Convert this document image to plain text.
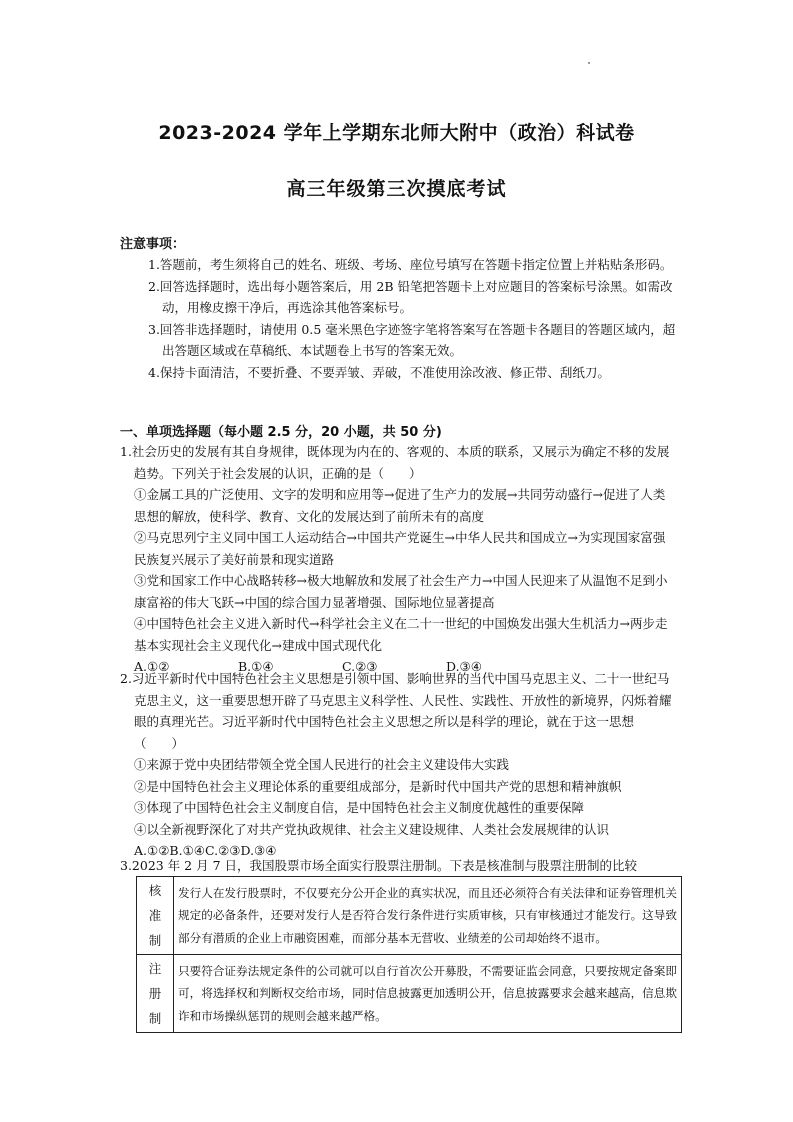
2023-2024 学年上学期东北师大附中（政治）科试卷
高三年级第三次摸底考试
注意事项：

1.答题前，考生须将自己的姓名、班级、考场、座位号填写在答题卡指定位置上并粘贴条形码。

2.回答选择题时，选出每小题答案后，用 2B 铅笔把答题卡上对应题目的答案标号涂黑。如需改动，用橡皮擦干净后，再选涂其他答案标号。

3.回答非选择题时，请使用 0.5 毫米黑色字迹签字笔将答案写在答题卡各题目的答题区域内，超出答题区域或在草稿纸、本试题卷上书写的答案无效。

4.保持卡面清洁，不要折叠、不要弄皱、弄破，不准使用涂改液、修正带、刮纸刀。

一、单项选择题（每小题 2.5 分，20 小题，共 50 分)

1.社会历史的发展有其自身规律，既体现为内在的、客观的、本质的联系，又展示为确定不移的发展趋势。下列关于社会发展的认识，正确的是（　　）

①金属工具的广泛使用、文字的发明和应用等→促进了生产力的发展→共同劳动盛行→促进了人类思想的解放，使科学、教育、文化的发展达到了前所未有的高度

②马克思列宁主义同中国工人运动结合→中国共产党诞生→中华人民共和国成立→为实现国家富强民族复兴展示了美好前景和现实道路

③党和国家工作中心战略转移→极大地解放和发展了社会生产力→中国人民迎来了从温饱不足到小康富裕的伟大飞跃→中国的综合国力显著增强、国际地位显著提高

④中国特色社会主义进入新时代→科学社会主义在二十一世纪的中国焕发出强大生机活力→两步走基本实现社会主义现代化→建成中国式现代化

A.①②	B.①④	C.②③	D.③④

2.习近平新时代中国特色社会主义思想是引领中国、影响世界的当代中国马克思主义、二十一世纪马克思主义，这一重要思想开辟了马克思主义科学性、人民性、实践性、开放性的新境界，闪烁着耀眼的真理光芒。习近平新时代中国特色社会主义思想之所以是科学的理论，就在于这一思想（　　）

①来源于党中央团结带领全党全国人民进行的社会主义建设伟大实践

②是中国特色社会主义理论体系的重要组成部分，是新时代中国共产党的思想和精神旗帜

③体现了中国特色社会主义制度自信，是中国特色社会主义制度优越性的重要保障

④以全新视野深化了对共产党执政规律、社会主义建设规律、人类社会发展规律的认识

A.①②B.①④C.②③D.③④

3.2023 年 2 月 7 日，我国股票市场全面实行股票注册制。下表是核准制与股票注册制的比较

核
准
制	发行人在发行股票时，不仅要充分公开企业的真实状况，而且还必须符合有关法律和证券管理机关规定的必备条件，还要对发行人是否符合发行条件进行实质审核，只有审核通过才能发行。这导致部分有潜质的企业上市融资困难，而部分基本无营收、业绩差的公司却始终不退市。

注
册
制	只要符合证券法规定条件的公司就可以自行首次公开募股，不需要证监会同意，只要按规定备案即可，将选择权和判断权交给市场，同时信息披露更加透明公开，信息披露要求会越来越高，信息欺诈和市场操纵惩罚的规则会越来越严格。
